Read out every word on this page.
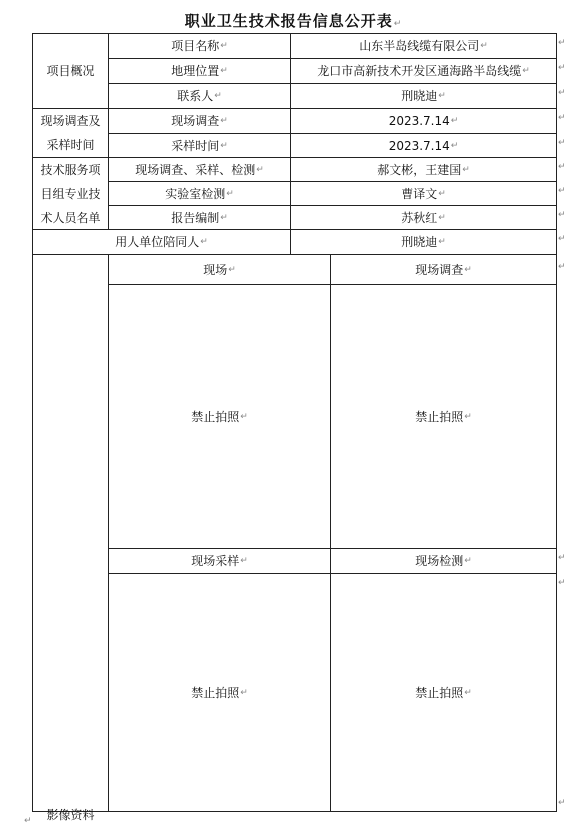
职业卫生技术报告信息公开表↵
项目概况
项目名称 ↵	山东半岛线缆有限公司 ↵
地理位置 ↵	龙口市高新技术开发区通海路半岛线缆 ↵
联系人 ↵	刑晓迪 ↵
现场调查及
采样时间
现场调查 ↵	2023.7.14 ↵
采样时间 ↵	2023.7.14 ↵
技术服务项
目组专业技
术人员名单
现场调查、采样、检测 ↵	郝文彬，王建国 ↵
实验室检测 ↵	曹译文 ↵
报告编制 ↵	苏秋红 ↵
用人单位陪同人 ↵	刑晓迪 ↵
影像资料
现场 ↵	现场调查 ↵
禁止拍照 ↵	禁止拍照 ↵
现场采样 ↵	现场检测 ↵
禁止拍照 ↵	禁止拍照 ↵
↵
↵
↵
↵
↵
↵
↵
↵
↵
↵
↵
↵
↵
↵
